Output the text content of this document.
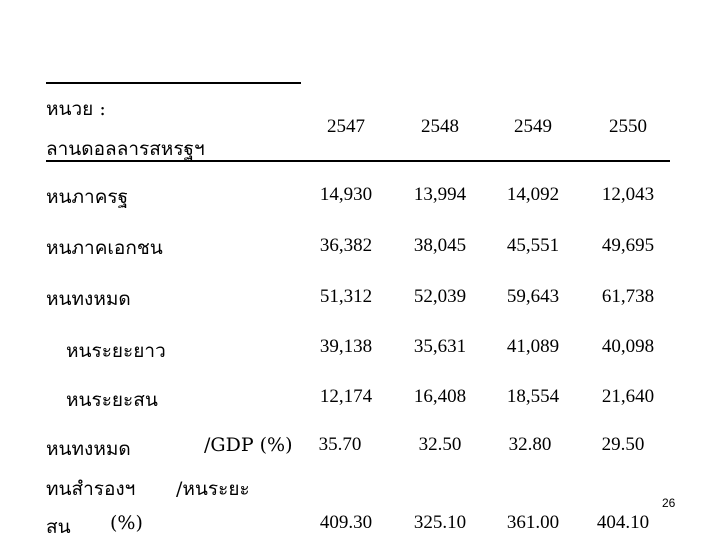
หนวย :
ลานดอลลารสหรฐฯ
2547	2548	2549	2550
หนภาครฐ	14,930	13,994	14,092	12,043
หนภาคเอกชน	36,382	38,045	45,551	49,695
หนทงหมด	51,312	52,039	59,643	61,738
หนระยะยาว	39,138	35,631	41,089	40,098
หนระยะสน	12,174	16,408	18,554	21,640
หนทงหมด	/GDP (%)	35.70	32.50	32.80	29.50
ทนสำรองฯ /หนระยะ
สน (%)	409.30	325.10	361.00	404.10
26
